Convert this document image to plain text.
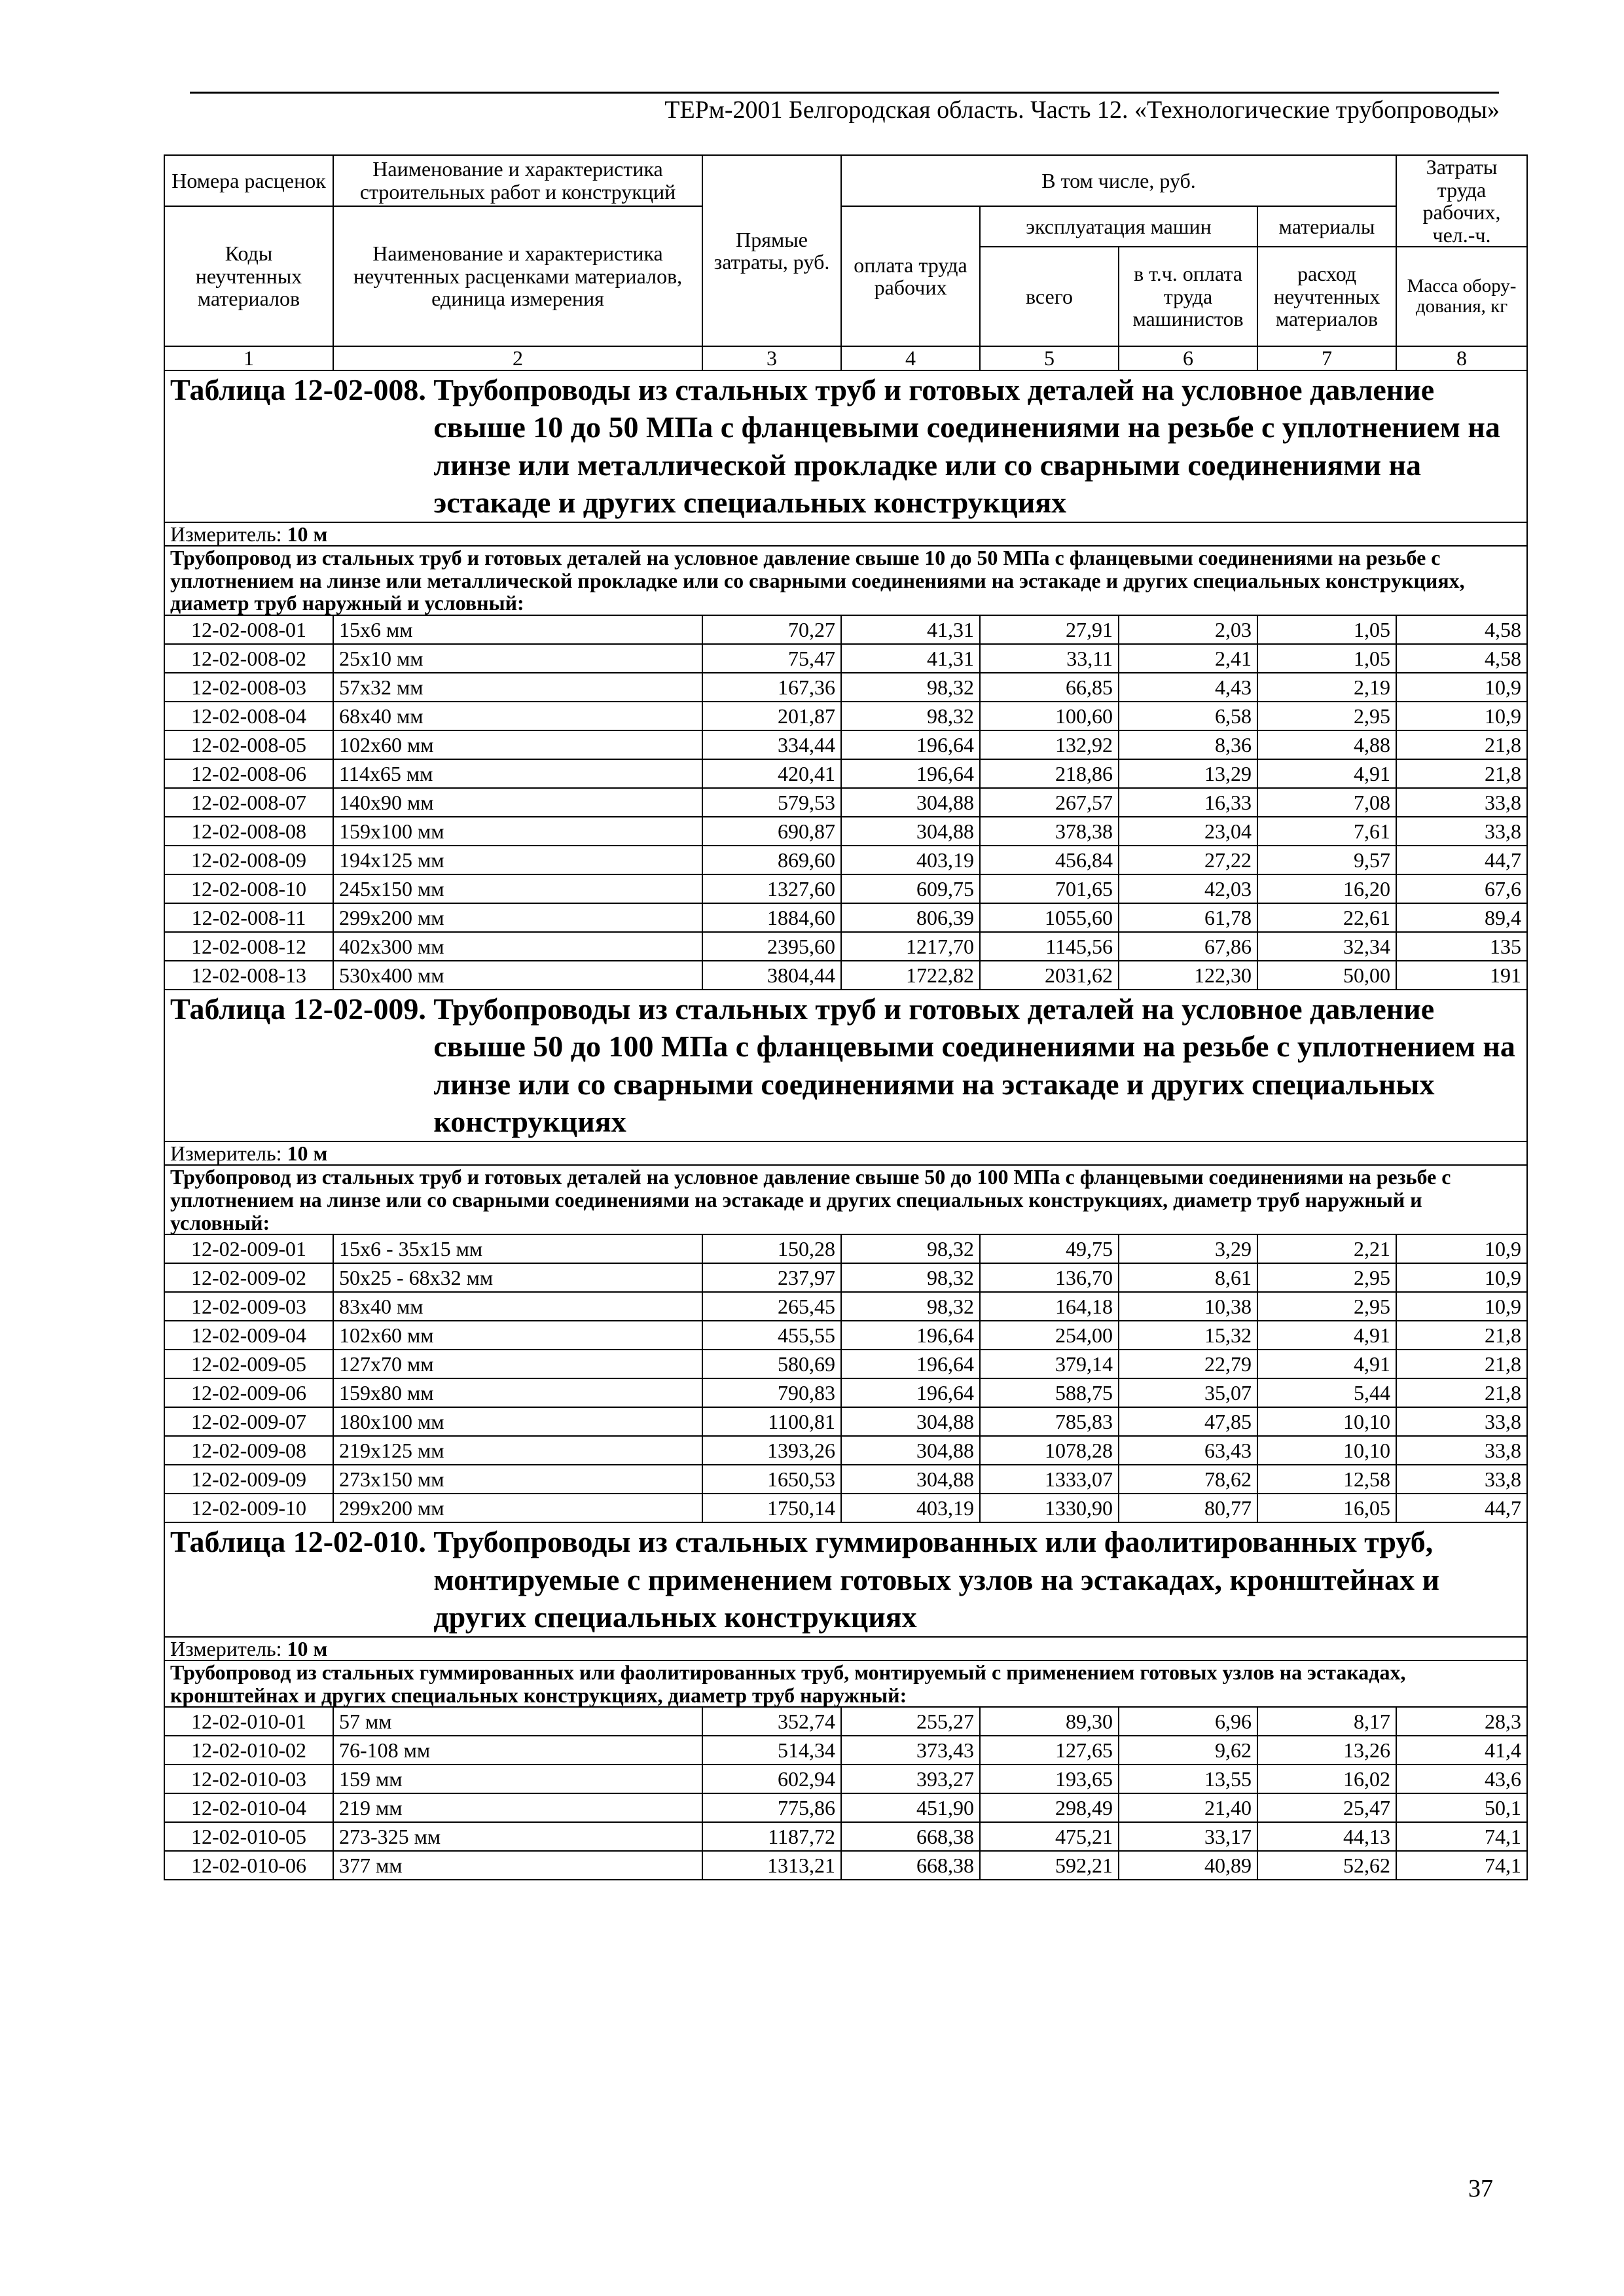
ТЕРм-2001 Белгородская область. Часть 12. «Технологические трубопроводы»
Номера расценок	Наименование и характеристика строительных работ и конструкций	Прямые затраты, руб.	В том числе, руб.				Затраты труда рабочих, чел.-ч.
Коды неучтенных материалов	Наименование и характеристика неучтенных расценками материалов, единица измерения		оплата труда рабочих	эксплуатация машин		материалы	
				всего	в т.ч. оплата труда машинистов	расход неучтенных материалов	Масса обору-дования, кг
1	2	3	4	5	6	7	8

Таблица 12-02-008.
Трубопроводы из стальных труб и готовых деталей на условное давление свыше 10 до 50 МПа с фланцевыми соединениями на резьбе с уплотнением на линзе или металлической прокладке или со сварными соединениями на эстакаде и других специальных конструкциях							

Измеритель: 10 м							
Трубопровод из стальных труб и готовых деталей на условное давление свыше 10 до 50 МПа с фланцевыми соединениями на резьбе с уплотнением на линзе или металлической прокладке или со сварными соединениями на эстакаде и других специальных конструкциях, диаметр труб наружный и условный:							
12-02-008-01	15х6 мм	70,27	41,31	27,91	2,03	1,05	4,58
12-02-008-02	25х10 мм	75,47	41,31	33,11	2,41	1,05	4,58
12-02-008-03	57х32 мм	167,36	98,32	66,85	4,43	2,19	10,9
12-02-008-04	68х40 мм	201,87	98,32	100,60	6,58	2,95	10,9
12-02-008-05	102х60 мм	334,44	196,64	132,92	8,36	4,88	21,8
12-02-008-06	114х65 мм	420,41	196,64	218,86	13,29	4,91	21,8
12-02-008-07	140х90 мм	579,53	304,88	267,57	16,33	7,08	33,8
12-02-008-08	159х100 мм	690,87	304,88	378,38	23,04	7,61	33,8
12-02-008-09	194х125 мм	869,60	403,19	456,84	27,22	9,57	44,7
12-02-008-10	245х150 мм	1327,60	609,75	701,65	42,03	16,20	67,6
12-02-008-11	299х200 мм	1884,60	806,39	1055,60	61,78	22,61	89,4
12-02-008-12	402х300 мм	2395,60	1217,70	1145,56	67,86	32,34	135
12-02-008-13	530х400 мм	3804,44	1722,82	2031,62	122,30	50,00	191

Таблица 12-02-009.
Трубопроводы из стальных труб и готовых деталей на условное давление свыше 50 до 100 МПа с фланцевыми соединениями на резьбе с уплотнением на линзе или со сварными соединениями на эстакаде и других специальных конструкциях							

Измеритель: 10 м							
Трубопровод из стальных труб и готовых деталей на условное давление свыше 50 до 100 МПа с фланцевыми соединениями на резьбе с уплотнением на линзе или со сварными соединениями на эстакаде и других специальных конструкциях, диаметр труб наружный и условный:							
12-02-009-01	15х6 - 35х15 мм	150,28	98,32	49,75	3,29	2,21	10,9
12-02-009-02	50х25 - 68х32 мм	237,97	98,32	136,70	8,61	2,95	10,9
12-02-009-03	83х40 мм	265,45	98,32	164,18	10,38	2,95	10,9
12-02-009-04	102х60 мм	455,55	196,64	254,00	15,32	4,91	21,8
12-02-009-05	127х70 мм	580,69	196,64	379,14	22,79	4,91	21,8
12-02-009-06	159х80 мм	790,83	196,64	588,75	35,07	5,44	21,8
12-02-009-07	180х100 мм	1100,81	304,88	785,83	47,85	10,10	33,8
12-02-009-08	219х125 мм	1393,26	304,88	1078,28	63,43	10,10	33,8
12-02-009-09	273х150 мм	1650,53	304,88	1333,07	78,62	12,58	33,8
12-02-009-10	299х200 мм	1750,14	403,19	1330,90	80,77	16,05	44,7

Таблица 12-02-010.
Трубопроводы из стальных гуммированных или фаолитированных труб, монтируемые с применением готовых узлов на эстакадах, кронштейнах и других специальных конструкциях							

Измеритель: 10 м							
Трубопровод из стальных гуммированных или фаолитированных труб, монтируемый с применением готовых узлов на эстакадах, кронштейнах и других специальных конструкциях, диаметр труб наружный:							
12-02-010-01	57 мм	352,74	255,27	89,30	6,96	8,17	28,3
12-02-010-02	76-108 мм	514,34	373,43	127,65	9,62	13,26	41,4
12-02-010-03	159 мм	602,94	393,27	193,65	13,55	16,02	43,6
12-02-010-04	219 мм	775,86	451,90	298,49	21,40	25,47	50,1
12-02-010-05	273-325 мм	1187,72	668,38	475,21	33,17	44,13	74,1
12-02-010-06	377 мм	1313,21	668,38	592,21	40,89	52,62	74,1
37
